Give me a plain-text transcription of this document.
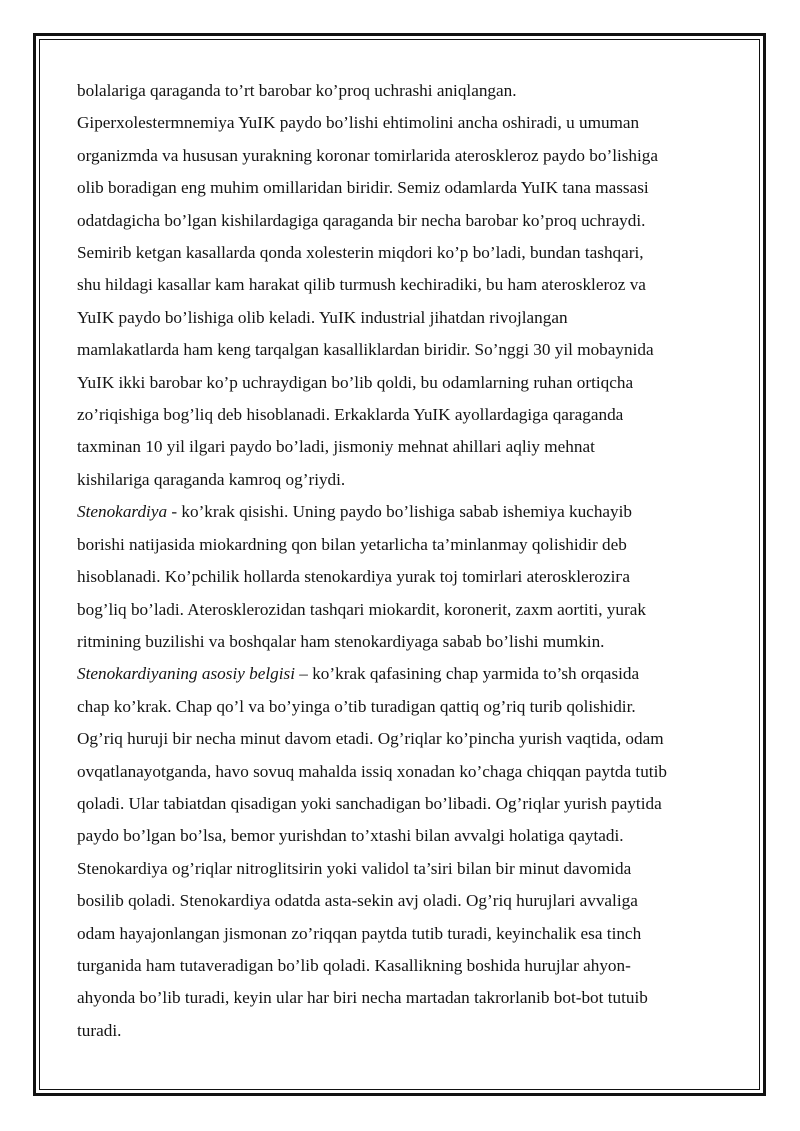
bolalariga qaraganda to’rt barobar ko’proq uchrashi aniqlangan.

Giperxolestermnemiya YuIK paydo bo’lishi ehtimolini ancha oshiradi, u umuman
organizmda va hususan yurakning koronar tomirlarida ateroskleroz paydo bo’lishiga
olib boradigan eng muhim omillaridan biridir. Semiz odamlarda YuIK tana massasi
odatdagicha bo’lgan kishilardagiga qaraganda bir necha barobar ko’proq uchraydi.
Semirib ketgan kasallarda qonda xolesterin miqdori ko’p bo’ladi, bundan tashqari,
shu hildagi kasallar kam harakat qilib turmush kechiradiki, bu ham ateroskleroz va
YuIK paydo bo’lishiga olib keladi. YuIK industrial jihatdan rivojlangan
mamlakatlarda ham keng tarqalgan kasalliklardan biridir. So’nggi 30 yil mobaynida
YuIK ikki barobar ko’p uchraydigan bo’lib qoldi, bu odamlarning ruhan ortiqcha
zo’riqishiga bog’liq deb hisoblanadi. Erkaklarda YuIK ayollardagiga qaraganda
taxminan 10 yil ilgari paydo bo’ladi, jismoniy mehnat ahillari aqliy mehnat
kishilariga qaraganda kamroq og’riydi.

Stenokardiya - ko’krak qisishi. Uning paydo bo’lishiga sabab ishemiya kuchayib
borishi natijasida miokardning qon bilan yetarlicha ta’minlanmay qolishidir deb
hisoblanadi. Ko’pchilik hollarda stenokardiya yurak toj tomirlari ateroskleroziгa
bog’liq bo’ladi. Aterosklerozidan tashqari miokardit, koronerit, zaxm aortiti, yurak
ritmining buzilishi va boshqalar ham stenokardiyaga sabab bo’lishi mumkin.

Stenokardiyaning asosiy belgisi – ko’krak qafasining chap yarmida to’sh orqasida
chap ko’krak. Chap qo’l va bo’yinga o’tib turadigan qattiq og’riq turib qolishidir.
Og’riq huruji bir necha minut davom etadi. Og’riqlar ko’pincha yurish vaqtida, odam
ovqatlanayotganda, havo sovuq mahalda issiq xonadan ko’chaga chiqqan paytda tutib
qoladi. Ular tabiatdan qisadigan yoki sanchadigan bo’libadi. Og’riqlar yurish paytida
paydo bo’lgan bo’lsa, bemor yurishdan to’xtashi bilan avvalgi holatiga qaytadi.
Stenokardiya og’riqlar nitroglitsirin yoki validol ta’siri bilan bir minut davomida
bosilib qoladi. Stenokardiya odatda asta-sekin avj oladi. Og’riq hurujlari avvaliga
odam hayajonlangan jismonan zo’riqqan paytda tutib turadi, keyinchalik esa tinch
turganida ham tutaveradigan bo’lib qoladi. Kasallikning boshida hurujlar ahyon-
ahyonda bo’lib turadi, keyin ular har biri necha martadan takrorlanib bot-bot tutuib
turadi.
